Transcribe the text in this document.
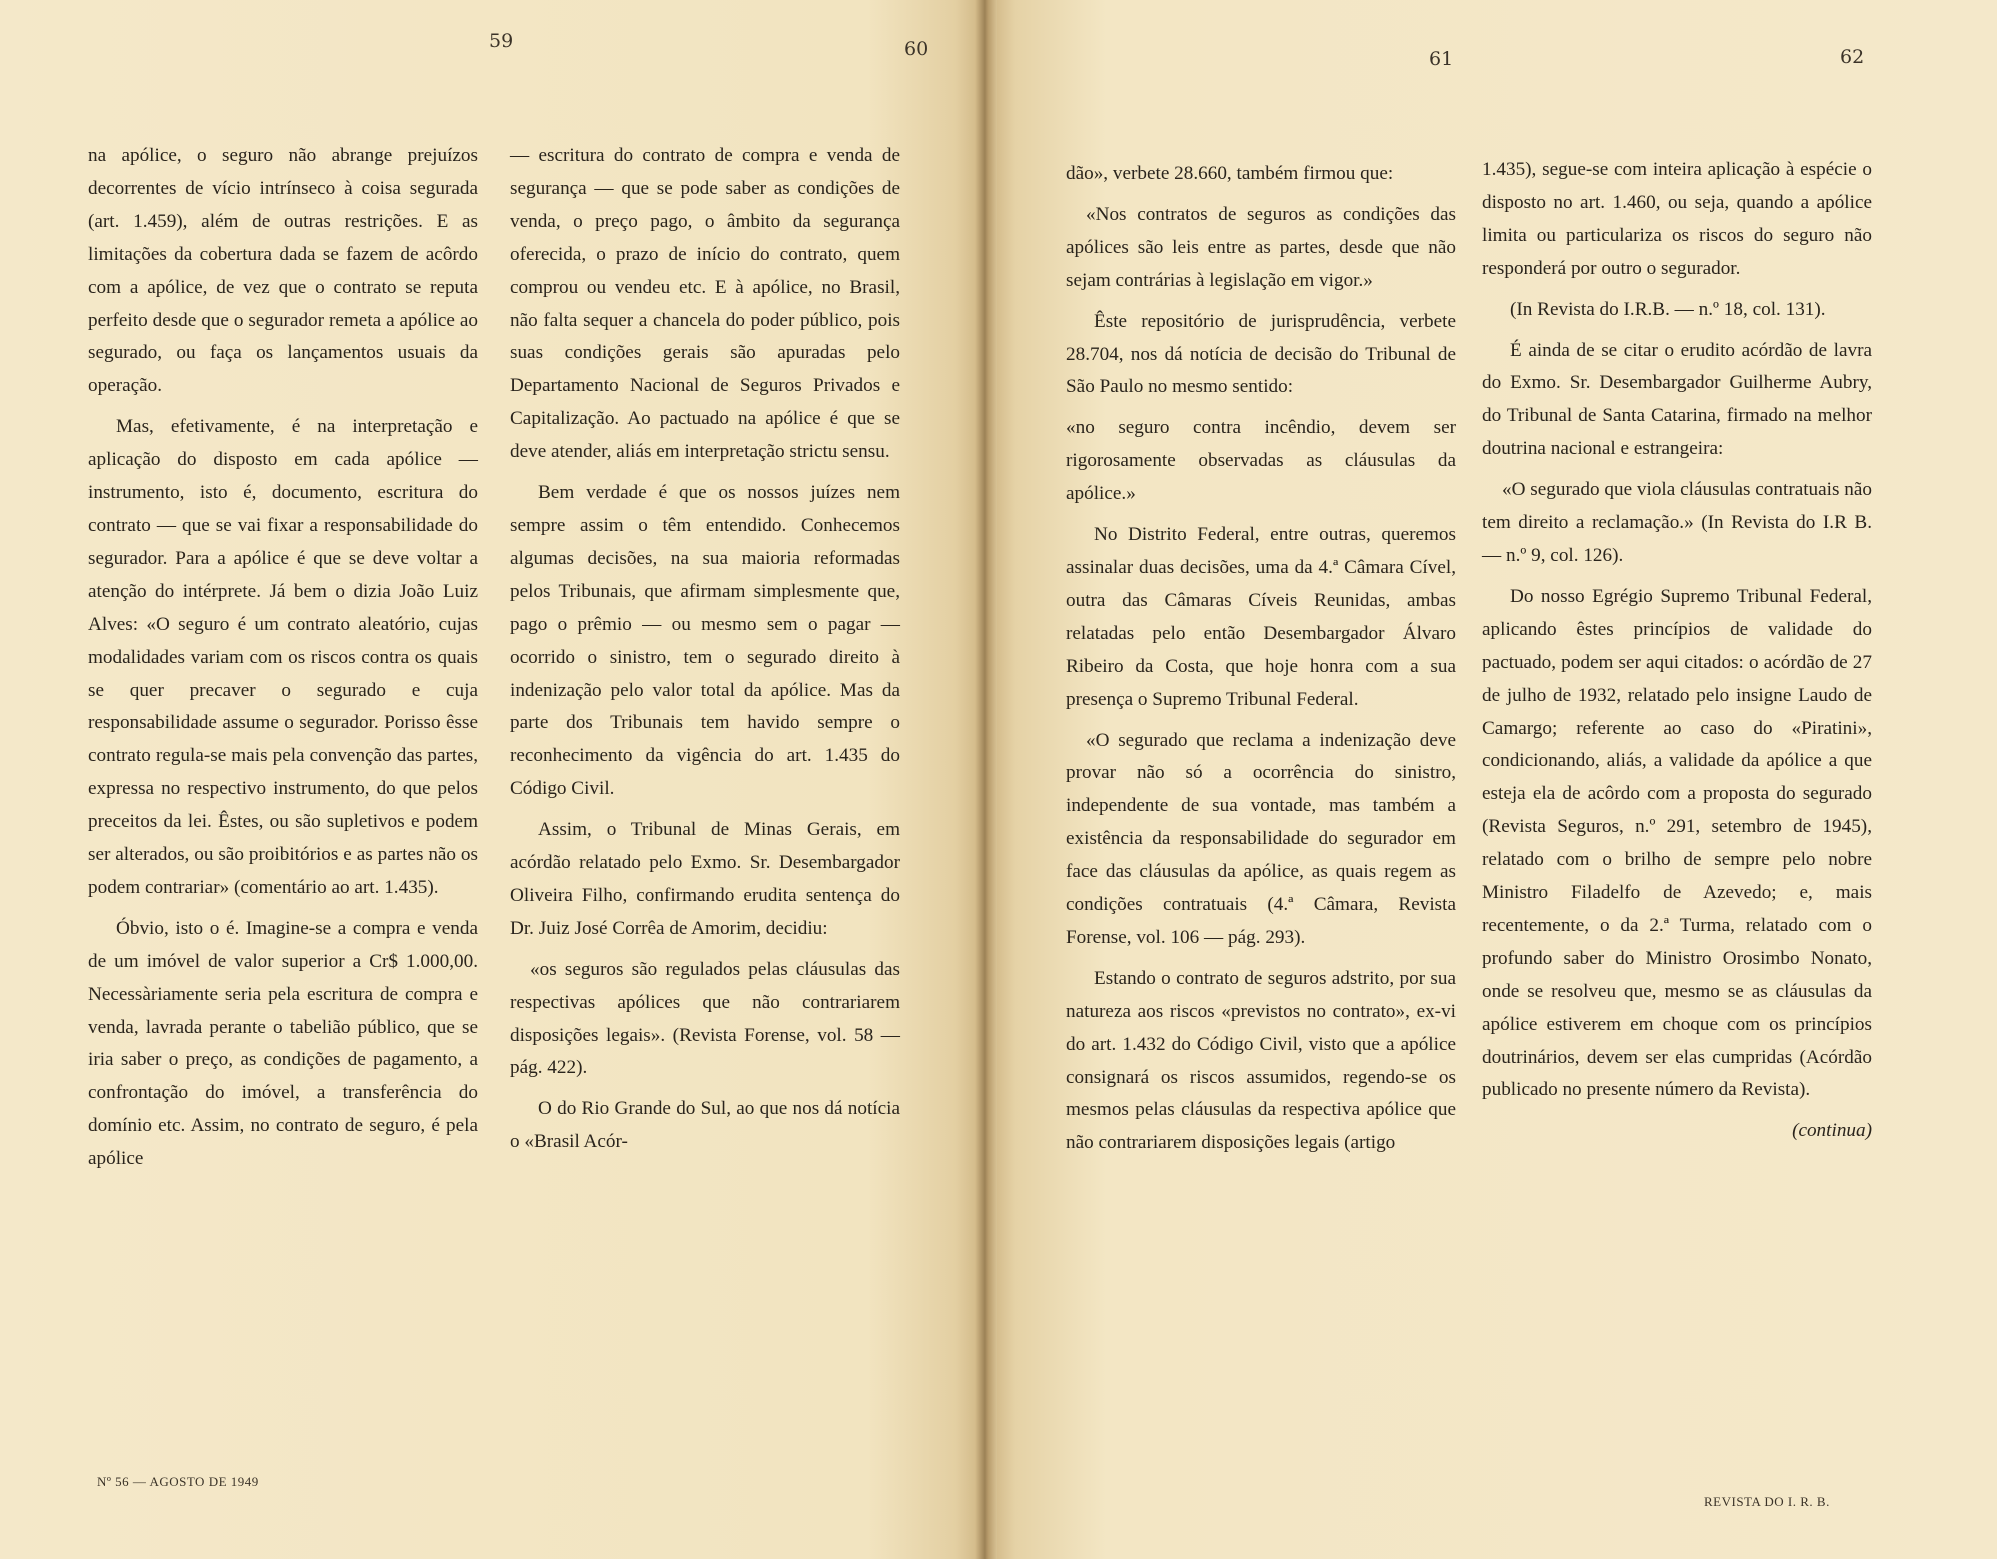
59	60	61	62

na apólice, o seguro não abrange prejuízos decorrentes de vício intrínseco à coisa segurada (art. 1.459), além de outras restrições. E as limitações da cobertura dada se fazem de acôrdo com a apólice, de vez que o contrato se reputa perfeito desde que o segurador remeta a apólice ao segurado, ou faça os lançamentos usuais da operação.

Mas, efetivamente, é na interpretação e aplicação do disposto em cada apólice — instrumento, isto é, documento, escritura do contrato — que se vai fixar a responsabilidade do segurador. Para a apólice é que se deve voltar a atenção do intérprete. Já bem o dizia João Luiz Alves: «O seguro é um contrato aleatório, cujas modalidades variam com os riscos contra os quais se quer precaver o segurado e cuja responsabilidade assume o segurador. Porisso êsse contrato regula-se mais pela convenção das partes, expressa no respectivo instrumento, do que pelos preceitos da lei. Êstes, ou são supletivos e podem ser alterados, ou são proibitórios e as partes não os podem contrariar» (comentário ao art. 1.435).

Óbvio, isto o é. Imagine-se a compra e venda de um imóvel de valor superior a Cr$ 1.000,00. Necessàriamente seria pela escritura de compra e venda, lavrada perante o tabelião público, que se iria saber o preço, as condições de pagamento, a confrontação do imóvel, a transferência do domínio etc. Assim, no contrato de seguro, é pela apólice

— escritura do contrato de compra e venda de segurança — que se pode saber as condições de venda, o preço pago, o âmbito da segurança oferecida, o prazo de início do contrato, quem comprou ou vendeu etc. E à apólice, no Brasil, não falta sequer a chancela do poder público, pois suas condições gerais são apuradas pelo Departamento Nacional de Seguros Privados e Capitalização. Ao pactuado na apólice é que se deve atender, aliás em interpretação strictu sensu.

Bem verdade é que os nossos juízes nem sempre assim o têm entendido. Conhecemos algumas decisões, na sua maioria reformadas pelos Tribunais, que afirmam simplesmente que, pago o prêmio — ou mesmo sem o pagar — ocorrido o sinistro, tem o segurado direito à indenização pelo valor total da apólice. Mas da parte dos Tribunais tem havido sempre o reconhecimento da vigência do art. 1.435 do Código Civil.

Assim, o Tribunal de Minas Gerais, em acórdão relatado pelo Exmo. Sr. Desembargador Oliveira Filho, confirmando erudita sentença do Dr. Juiz José Corrêa de Amorim, decidiu:

«os seguros são regulados pelas cláusulas das respectivas apólices que não contrariarem disposições legais». (Revista Forense, vol. 58 — pág. 422).

O do Rio Grande do Sul, ao que nos dá notícia o «Brasil Acór-

dão», verbete 28.660, também firmou que:

«Nos contratos de seguros as condições das apólices são leis entre as partes, desde que não sejam contrárias à legislação em vigor.»

Êste repositório de jurisprudência, verbete 28.704, nos dá notícia de decisão do Tribunal de São Paulo no mesmo sentido:

«no seguro contra incêndio, devem ser rigorosamente observadas as cláusulas da apólice.»

No Distrito Federal, entre outras, queremos assinalar duas decisões, uma da 4.ª Câmara Cível, outra das Câmaras Cíveis Reunidas, ambas relatadas pelo então Desembargador Álvaro Ribeiro da Costa, que hoje honra com a sua presença o Supremo Tribunal Federal.

«O segurado que reclama a indenização deve provar não só a ocorrência do sinistro, independente de sua vontade, mas também a existência da responsabilidade do segurador em face das cláusulas da apólice, as quais regem as condições contratuais (4.ª Câmara, Revista Forense, vol. 106 — pág. 293).

Estando o contrato de seguros adstrito, por sua natureza aos riscos «previstos no contrato», ex-vi do art. 1.432 do Código Civil, visto que a apólice consignará os riscos assumidos, regendo-se os mesmos pelas cláusulas da respectiva apólice que não contrariarem disposições legais (artigo

1.435), segue-se com inteira aplicação à espécie o disposto no art. 1.460, ou seja, quando a apólice limita ou particulariza os riscos do seguro não responderá por outro o segurador.

(In Revista do I.R.B. — n.º 18, col. 131).

É ainda de se citar o erudito acórdão de lavra do Exmo. Sr. Desembargador Guilherme Aubry, do Tribunal de Santa Catarina, firmado na melhor doutrina nacional e estrangeira:

«O segurado que viola cláusulas contratuais não tem direito a reclamação.» (In Revista do I.R B. — n.º 9, col. 126).

Do nosso Egrégio Supremo Tribunal Federal, aplicando êstes princípios de validade do pactuado, podem ser aqui citados: o acórdão de 27 de julho de 1932, relatado pelo insigne Laudo de Camargo; referente ao caso do «Piratini», condicionando, aliás, a validade da apólice a que esteja ela de acôrdo com a proposta do segurado (Revista Seguros, n.º 291, setembro de 1945), relatado com o brilho de sempre pelo nobre Ministro Filadelfo de Azevedo; e, mais recentemente, o da 2.ª Turma, relatado com o profundo saber do Ministro Orosimbo Nonato, onde se resolveu que, mesmo se as cláusulas da apólice estiverem em choque com os princípios doutrinários, devem ser elas cumpridas (Acórdão publicado no presente número da Revista).

(continua)

Nº 56 — AGOSTO DE 1949
REVISTA DO I. R. B.
